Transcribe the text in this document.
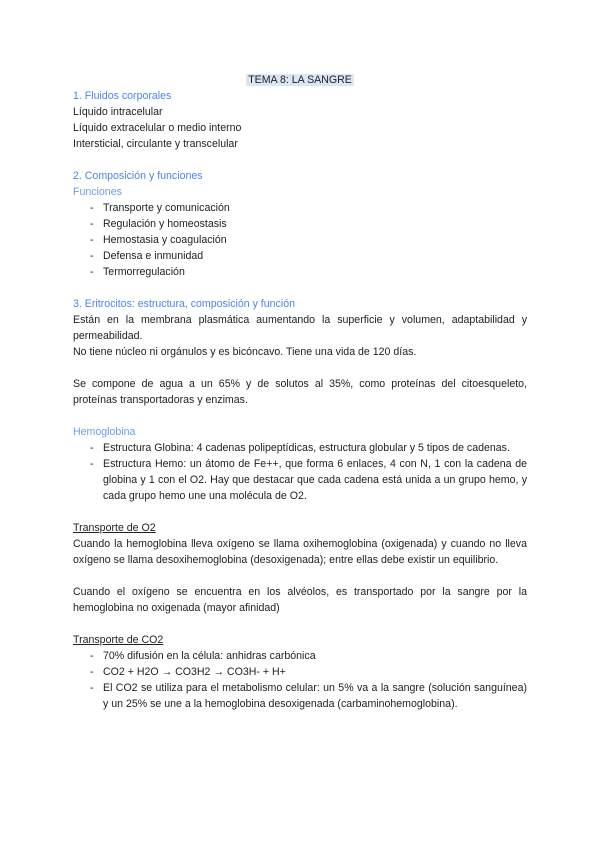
TEMA 8: LA SANGRE
1. Fluidos corporales
Líquido intracelular
Líquido extracelular o medio interno
Intersticial, circulante y transcelular
2. Composición y funciones
Funciones
- Transporte y comunicación
- Regulación y homeostasis
- Hemostasia y coagulación
- Defensa e inmunidad
- Termorregulación
3. Eritrocitos: estructura, composición y función
Están en la membrana plasmática aumentando la superficie y volumen, adaptabilidad y permeabilidad.
No tiene núcleo ni orgánulos y es bicóncavo. Tiene una vida de 120 días.
Se compone de agua a un 65% y de solutos al 35%, como proteínas del citoesqueleto, proteínas transportadoras y enzimas.
Hemoglobina
- Estructura Globina: 4 cadenas polipeptídicas, estructura globular y 5 tipos de cadenas.
- Estructura Hemo: un átomo de Fe++, que forma 6 enlaces, 4 con N, 1 con la cadena de globina y 1 con el O2. Hay que destacar que cada cadena está unida a un grupo hemo, y cada grupo hemo une una molécula de O2.
Transporte de O2
Cuando la hemoglobina lleva oxígeno se llama oxihemoglobina (oxigenada) y cuando no lleva oxígeno se llama desoxihemoglobina (desoxigenada); entre ellas debe existir un equilibrio.
Cuando el oxígeno se encuentra en los alvéolos, es transportado por la sangre por la hemoglobina no oxigenada (mayor afinidad)
Transporte de CO2
- 70% difusión en la célula: anhidras carbónica
- CO2 + H2O → CO3H2 → CO3H- + H+
- El CO2 se utiliza para el metabolismo celular: un 5% va a la sangre (solución sanguínea) y un 25% se une a la hemoglobina desoxigenada (carbaminohemoglobina).
